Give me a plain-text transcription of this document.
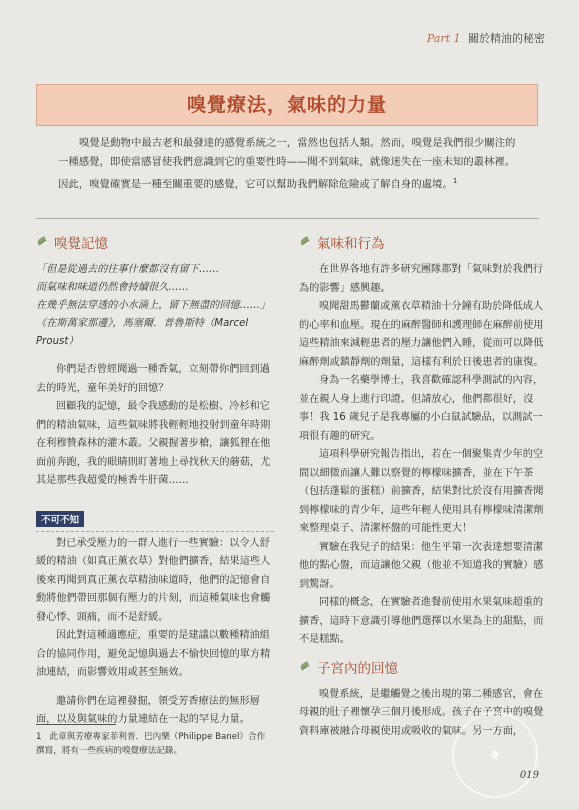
Part 1 關於精油的秘密
嗅覺療法，氣味的力量
嗅覺是動物中最古老和最發達的感覺系統之一，當然也包括人類。然而，嗅覺是我們很少關注的一種感覺，即使當感冒使我們意識到它的重要性時——聞不到氣味，就像迷失在一座未知的叢林裡。因此，嗅覺確實是一種至關重要的感覺，它可以幫助我們解除危險或了解自身的處境。$^1$
嗅覺記憶
「但是從過去的往事什麼都沒有留下……
而氣味和味道仍然會持續很久……
在幾乎無法穿透的小水滴上，留下無盡的回憶……」
《在斯萬家那邊》，馬塞爾．普魯斯特（Marcel Proust）

你們是否曾經聞過一種香氣，立刻帶你們回到過去的時光，童年美好的回憶？

回顧我的記憶，最令我感動的是松樹、冷杉和它們的精油氣味，這些氣味將我輕輕地投射到童年時期在利穆贊森林的灌木叢。父親握著步槍，讓狐狸在他面前奔跑，我的眼睛則盯著地上尋找秋天的蘑菇，尤其是那些我超愛的極香牛肝菌……

不可不知

對已承受壓力的一群人進行一些實驗：以令人舒緩的精油（如真正薰衣草）對他們擴香，結果這些人後來再聞到真正薰衣草精油味道時，他們的記憶會自動將他們帶回那個有壓力的片刻，而這種氣味也會觸發心悸、頭痛，而不是舒緩。

因此對這種適應症，重要的是建議以數種精油組合的協同作用，避免記憶與過去不愉快回憶的單方精油連結，而影響效用或甚至無效。

邀請你們在這裡發掘，領受芳香療法的無形層面，以及與氣味的力量連結在一起的罕見力量。

氣味和行為

在世界各地有許多研究團隊都對「氣味對於我們行為的影響」感興趣。

嗅聞甜馬鬱蘭或薰衣草精油十分鐘有助於降低成人的心率和血壓。現在的麻醉醫師和護理師在麻醉前使用這些精油來減輕患者的壓力讓他們入睡，從而可以降低麻醉劑或鎮靜劑的劑量，這樣有利於日後患者的康復。

身為一名藥學博士，我喜歡確認科學測試的內容，並在親人身上進行印證。但請放心，他們都很好，沒事！我 16 歲兒子是我專屬的小白鼠試驗品，以測試一項很有趣的研究。

這項科學研究報告指出，若在一個聚集青少年的空間以細微而讓人難以察覺的檸檬味擴香，並在下午茶（包括蓬鬆的蛋糕）前擴香，結果對比於沒有用擴香聞到檸檬味的青少年，這些年輕人使用具有檸檬味清潔劑來整理桌子、清潔杯盤的可能性更大！

實驗在我兒子的結果：他生平第一次表達想要清潔他的點心盤，而這讓他父親（他並不知道我的實驗）感到驚訝。

同樣的概念，在實驗者進餐前使用水果氣味超重的擴香，這時下意識引導他們選擇以水果為主的甜點，而不是糕點。

子宮內的回憶

嗅覺系統，是繼觸覺之後出現的第二種感官，會在母親的肚子裡懷孕三個月後形成。孩子在子宮中的嗅覺資料庫被融合母親使用或吸收的氣味。另一方面，

1 此章與芳療專家菲利普．巴內樂（Philippe Banel）合作撰寫，將有一些疾病的嗅覺療法記錄。	✦
019
